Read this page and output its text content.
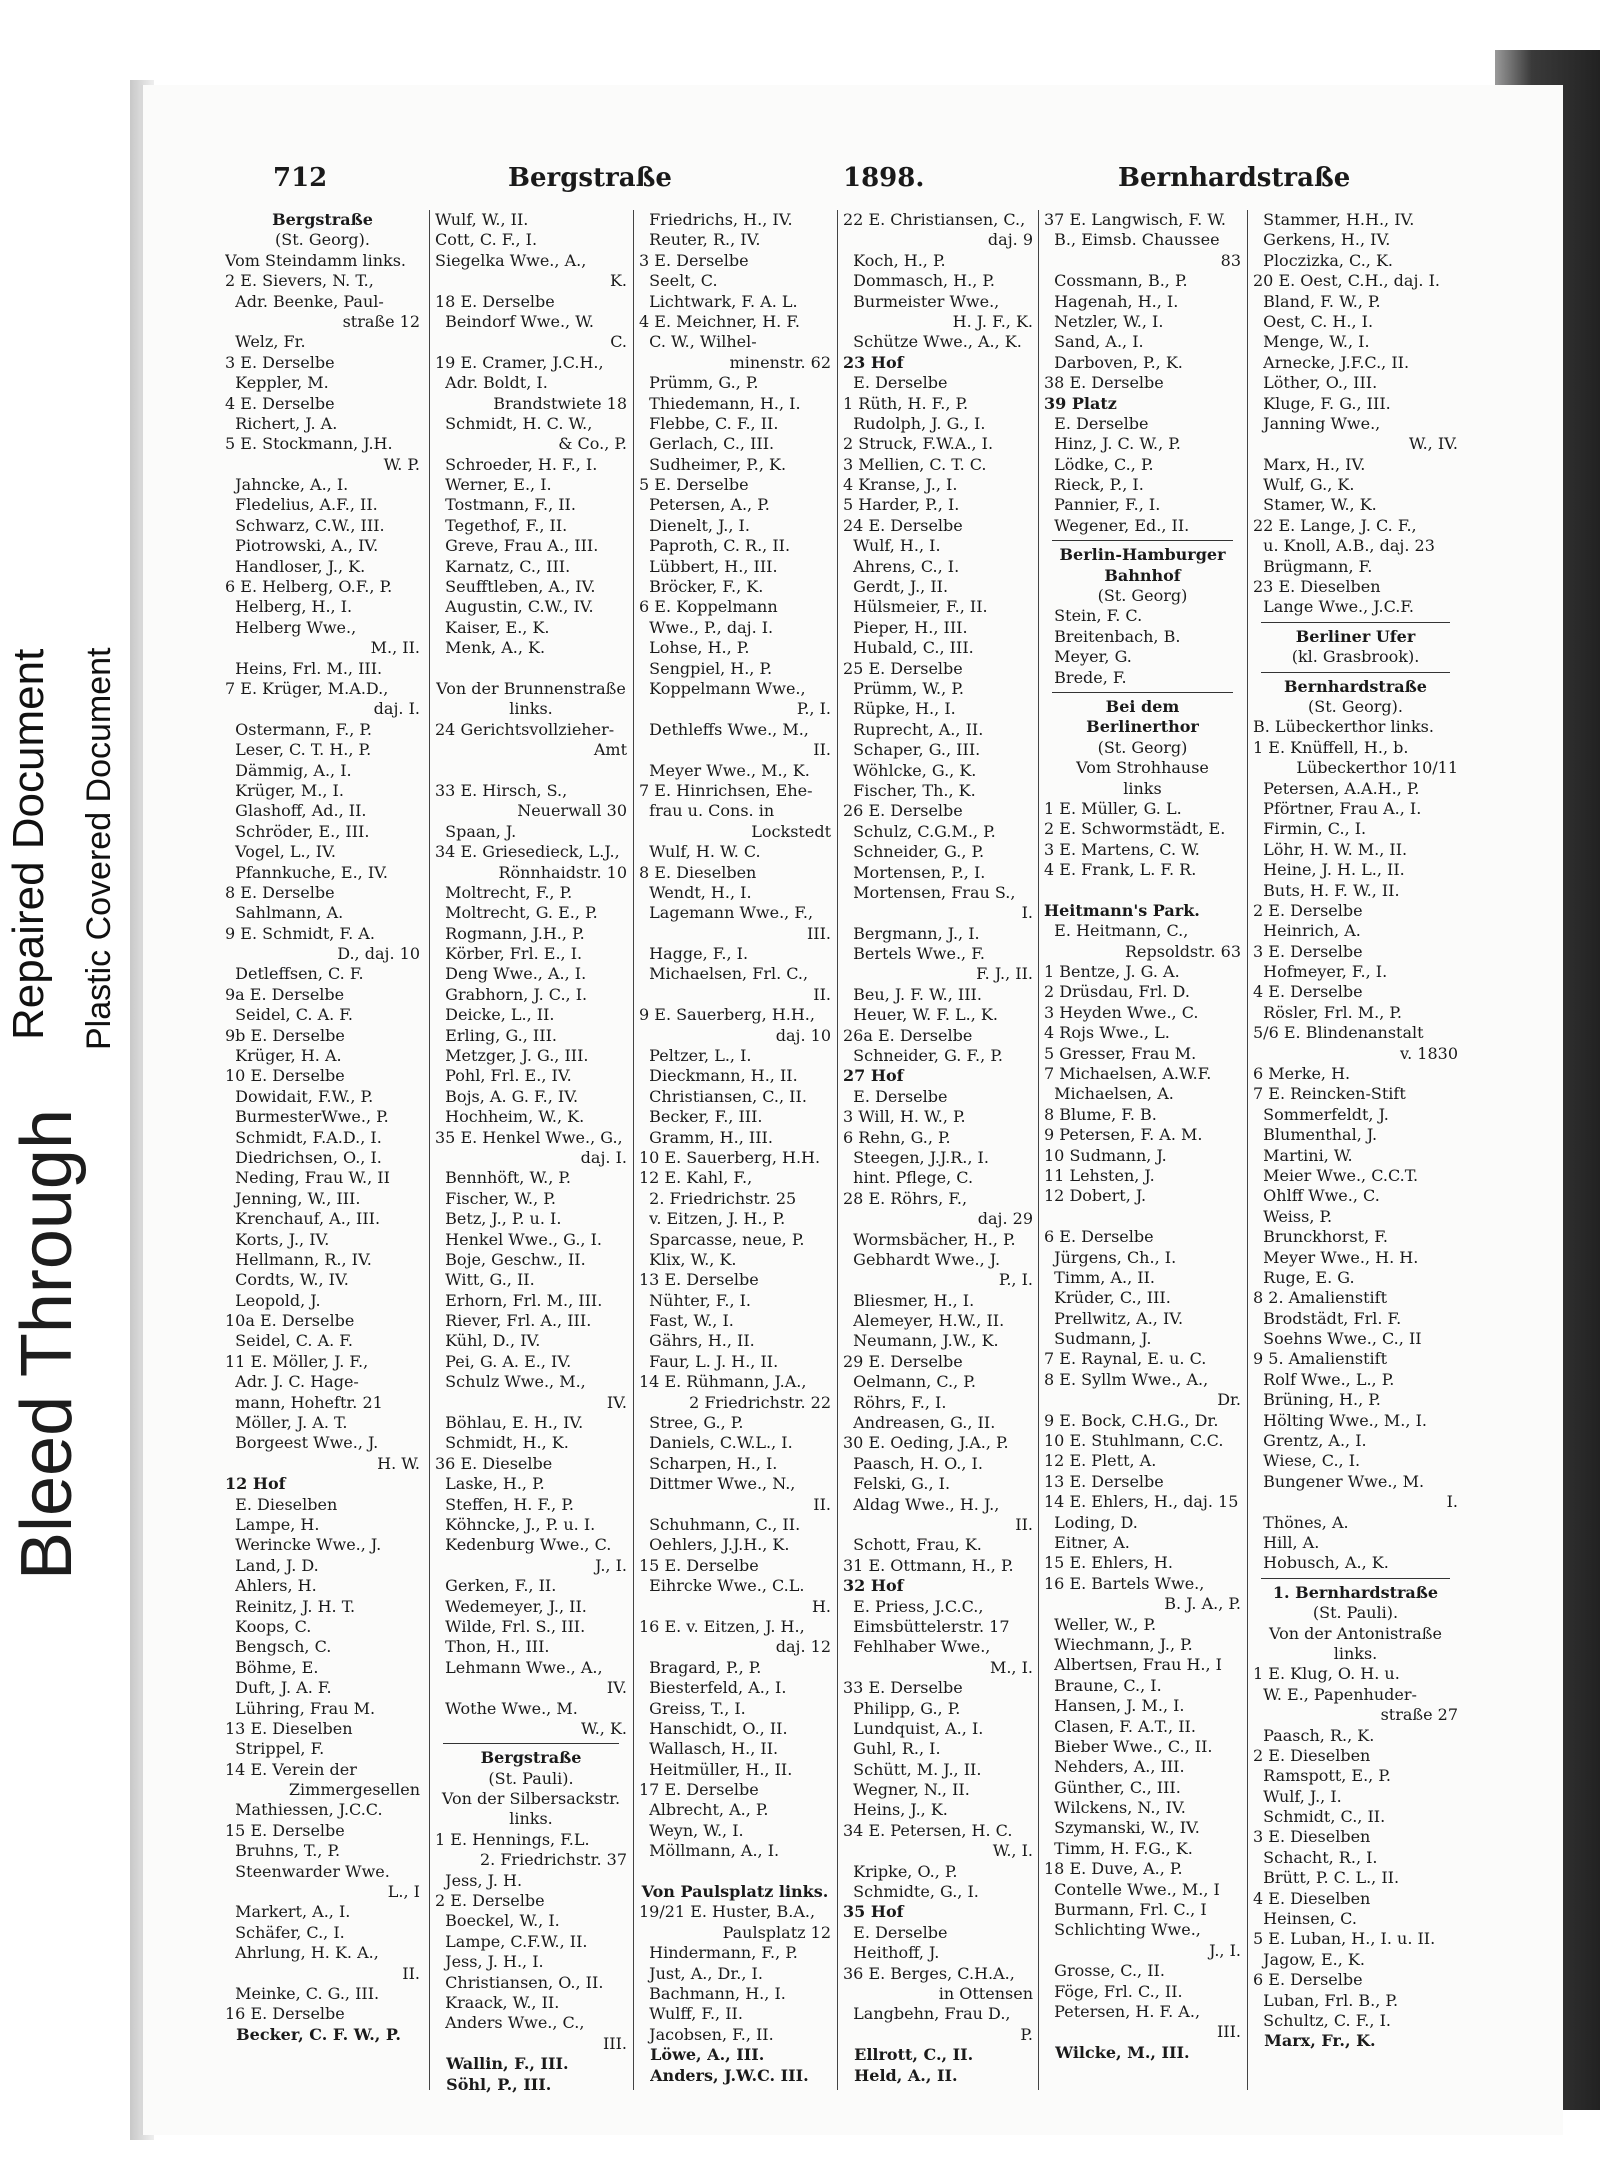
Bleed Through
Repaired Document Plastic Covered Document
712	Bergstraße	1898.	Bernhardstraße
Bergstraße
(St. Georg).
Vom Steindamm links.
2 E. Sievers, N. T.,
Adr. Beenke, Paul-
straße 12
Welz, Fr.
3 E. Derselbe
Keppler, M.
4 E. Derselbe
Richert, J. A.
5 E. Stockmann, J.H.
W. P.
Jahncke, A., I.
Fledelius, A.F., II.
Schwarz, C.W., III.
Piotrowski, A., IV.
Handloser, J., K.
6 E. Helberg, O.F., P.
Helberg, H., I.
Helberg Wwe.,
M., II.
Heins, Frl. M., III.
7 E. Krüger, M.A.D.,
daj. I.
Ostermann, F., P.
Leser, C. T. H., P.
Dämmig, A., I.
Krüger, M., I.
Glashoff, Ad., II.
Schröder, E., III.
Vogel, L., IV.
Pfannkuche, E., IV.
8 E. Derselbe
Sahlmann, A.
9 E. Schmidt, F. A.
D., daj. 10
Detleffsen, C. F.
9a E. Derselbe
Seidel, C. A. F.
9b E. Derselbe
Krüger, H. A.
10 E. Derselbe
Dowidait, F.W., P.
BurmesterWwe., P.
Schmidt, F.A.D., I.
Diedrichsen, O., I.
Neding, Frau W., II
Jenning, W., III.
Krenchauf, A., III.
Korts, J., IV.
Hellmann, R., IV.
Cordts, W., IV.
Leopold, J.
10a E. Derselbe
Seidel, C. A. F.
11 E. Möller, J. F.,
Adr. J. C. Hage-
mann, Hoheftr. 21
Möller, J. A. T.
Borgeest Wwe., J.
H. W.
12 Hof
E. Dieselben
Lampe, H.
Werincke Wwe., J.
Land, J. D.
Ahlers, H.
Reinitz, J. H. T.
Koops, C.
Bengsch, C.
Böhme, E.
Duft, J. A. F.
Lühring, Frau M.
13 E. Dieselben
Strippel, F.
14 E. Verein der
Zimmergesellen
Mathiessen, J.C.C.
15 E. Derselbe
Bruhns, T., P.
Steenwarder Wwe.
L., I
Markert, A., I.
Schäfer, C., I.
Ahrlung, H. K. A.,
II.
Meinke, C. G., III.
16 E. Derselbe
Becker, C. F. W., P.
Wulf, W., II.
Cott, C. F., I.
Siegelka Wwe., A.,
K.
18 E. Derselbe
Beindorf Wwe., W.
C.
19 E. Cramer, J.C.H.,
Adr. Boldt, I.
Brandstwiete 18
Schmidt, H. C. W.,
& Co., P.
Schroeder, H. F., I.
Werner, E., I.
Tostmann, F., II.
Tegethof, F., II.
Greve, Frau A., III.
Karnatz, C., III.
Seufftleben, A., IV.
Augustin, C.W., IV.
Kaiser, E., K.
Menk, A., K.

Von der Brunnenstraße
links.
24 Gerichtsvollzieher-
Amt

33 E. Hirsch, S.,
Neuerwall 30
Spaan, J.
34 E. Griesedieck, L.J.,
Rönnhaidstr. 10
Moltrecht, F., P.
Moltrecht, G. E., P.
Rogmann, J.H., P.
Körber, Frl. E., I.
Deng Wwe., A., I.
Grabhorn, J. C., I.
Deicke, L., II.
Erling, G., III.
Metzger, J. G., III.
Pohl, Frl. E., IV.
Bojs, A. G. F., IV.
Hochheim, W., K.
35 E. Henkel Wwe., G.,
daj. I.
Bennhöft, W., P.
Fischer, W., P.
Betz, J., P. u. I.
Henkel Wwe., G., I.
Boje, Geschw., II.
Witt, G., II.
Erhorn, Frl. M., III.
Riever, Frl. A., III.
Kühl, D., IV.
Pei, G. A. E., IV.
Schulz Wwe., M.,
IV.
Böhlau, E. H., IV.
Schmidt, H., K.
36 E. Dieselbe
Laske, H., P.
Steffen, H. F., P.
Köhncke, J., P. u. I.
Kedenburg Wwe., C.
J., I.
Gerken, F., II.
Wedemeyer, J., II.
Wilde, Frl. S., III.
Thon, H., III.
Lehmann Wwe., A.,
IV.
Wothe Wwe., M.
W., K.
Bergstraße
(St. Pauli).
Von der Silbersackstr.
links.
1 E. Hennings, F.L.
2. Friedrichstr. 37
Jess, J. H.
2 E. Derselbe
Boeckel, W., I.
Lampe, C.F.W., II.
Jess, J. H., I.
Christiansen, O., II.
Kraack, W., II.
Anders Wwe., C.,
III.
Wallin, F., III.
Söhl, P., III.
Friedrichs, H., IV.
Reuter, R., IV.
3 E. Derselbe
Seelt, C.
Lichtwark, F. A. L.
4 E. Meichner, H. F.
C. W., Wilhel-
minenstr. 62
Prümm, G., P.
Thiedemann, H., I.
Flebbe, C. F., II.
Gerlach, C., III.
Sudheimer, P., K.
5 E. Derselbe
Petersen, A., P.
Dienelt, J., I.
Paproth, C. R., II.
Lübbert, H., III.
Bröcker, F., K.
6 E. Koppelmann
Wwe., P., daj. I.
Lohse, H., P.
Sengpiel, H., P.
Koppelmann Wwe.,
P., I.
Dethleffs Wwe., M.,
II.
Meyer Wwe., M., K.
7 E. Hinrichsen, Ehe-
frau u. Cons. in
Lockstedt
Wulf, H. W. C.
8 E. Dieselben
Wendt, H., I.
Lagemann Wwe., F.,
III.
Hagge, F., I.
Michaelsen, Frl. C.,
II.
9 E. Sauerberg, H.H.,
daj. 10
Peltzer, L., I.
Dieckmann, H., II.
Christiansen, C., II.
Becker, F., III.
Gramm, H., III.
10 E. Sauerberg, H.H.
12 E. Kahl, F.,
2. Friedrichstr. 25
v. Eitzen, J. H., P.
Sparcasse, neue, P.
Klix, W., K.
13 E. Derselbe
Nühter, F., I.
Fast, W., I.
Gährs, H., II.
Faur, L. J. H., II.
14 E. Rühmann, J.A.,
2 Friedrichstr. 22
Stree, G., P.
Daniels, C.W.L., I.
Scharpen, H., I.
Dittmer Wwe., N.,
II.
Schuhmann, C., II.
Oehlers, J.J.H., K.
15 E. Derselbe
Eihrcke Wwe., C.L.
H.
16 E. v. Eitzen, J. H.,
daj. 12
Bragard, P., P.
Biesterfeld, A., I.
Greiss, T., I.
Hanschidt, O., II.
Wallasch, H., II.
Heitmüller, H., II.
17 E. Derselbe
Albrecht, A., P.
Weyn, W., I.
Möllmann, A., I.

Von Paulsplatz links.
19/21 E. Huster, B.A.,
Paulsplatz 12
Hindermann, F., P.
Just, A., Dr., I.
Bachmann, H., I.
Wulff, F., II.
Jacobsen, F., II.
Löwe, A., III.
Anders, J.W.C. III.
22 E. Christiansen, C.,
daj. 9
Koch, H., P.
Dommasch, H., P.
Burmeister Wwe.,
H. J. F., K.
Schütze Wwe., A., K.
23 Hof
E. Derselbe
1 Rüth, H. F., P.
Rudolph, J. G., I.
2 Struck, F.W.A., I.
3 Mellien, C. T. C.
4 Kranse, J., I.
5 Harder, P., I.
24 E. Derselbe
Wulf, H., I.
Ahrens, C., I.
Gerdt, J., II.
Hülsmeier, F., II.
Pieper, H., III.
Hubald, C., III.
25 E. Derselbe
Prümm, W., P.
Rüpke, H., I.
Ruprecht, A., II.
Schaper, G., III.
Wöhlcke, G., K.
Fischer, Th., K.
26 E. Derselbe
Schulz, C.G.M., P.
Schneider, G., P.
Mortensen, P., I.
Mortensen, Frau S.,
I.
Bergmann, J., I.
Bertels Wwe., F.
F. J., II.
Beu, J. F. W., III.
Heuer, W. F. L., K.
26a E. Derselbe
Schneider, G. F., P.
27 Hof
E. Derselbe
3 Will, H. W., P.
6 Rehn, G., P.
Steegen, J.J.R., I.
hint. Pflege, C.
28 E. Röhrs, F.,
daj. 29
Wormsbächer, H., P.
Gebhardt Wwe., J.
P., I.
Bliesmer, H., I.
Alemeyer, H.W., II.
Neumann, J.W., K.
29 E. Derselbe
Oelmann, C., P.
Röhrs, F., I.
Andreasen, G., II.
30 E. Oeding, J.A., P.
Paasch, H. O., I.
Felski, G., I.
Aldag Wwe., H. J.,
II.
Schott, Frau, K.
31 E. Ottmann, H., P.
32 Hof
E. Priess, J.C.C.,
Eimsbüttelerstr. 17
Fehlhaber Wwe.,
M., I.
33 E. Derselbe
Philipp, G., P.
Lundquist, A., I.
Guhl, R., I.
Schütt, M. J., II.
Wegner, N., II.
Heins, J., K.
34 E. Petersen, H. C.
W., I.
Kripke, O., P.
Schmidte, G., I.
35 Hof
E. Derselbe
Heithoff, J.
36 E. Berges, C.H.A.,
in Ottensen
Langbehn, Frau D.,
P.
Ellrott, C., II.
Held, A., II.
37 E. Langwisch, F. W.
B., Eimsb. Chaussee
83
Cossmann, B., P.
Hagenah, H., I.
Netzler, W., I.
Sand, A., I.
Darboven, P., K.
38 E. Derselbe
39 Platz
E. Derselbe
Hinz, J. C. W., P.
Lödke, C., P.
Rieck, P., I.
Pannier, F., I.
Wegener, Ed., II.
Berlin-Hamburger
Bahnhof
(St. Georg)
Stein, F. C.
Breitenbach, B.
Meyer, G.
Brede, F.
Bei dem
Berlinerthor
(St. Georg)
Vom Strohhause
links
1 E. Müller, G. L.
2 E. Schwormstädt, E.
3 E. Martens, C. W.
4 E. Frank, L. F. R.

Heitmann's Park.
E. Heitmann, C.,
Repsoldstr. 63
1 Bentze, J. G. A.
2 Drüsdau, Frl. D.
3 Heyden Wwe., C.
4 Rojs Wwe., L.
5 Gresser, Frau M.
7 Michaelsen, A.W.F.
Michaelsen, A.
8 Blume, F. B.
9 Petersen, F. A. M.
10 Sudmann, J.
11 Lehsten, J.
12 Dobert, J.

6 E. Derselbe
Jürgens, Ch., I.
Timm, A., II.
Krüder, C., III.
Prellwitz, A., IV.
Sudmann, J.
7 E. Raynal, E. u. C.
8 E. Syllm Wwe., A.,
Dr.
9 E. Bock, C.H.G., Dr.
10 E. Stuhlmann, C.C.
12 E. Plett, A.
13 E. Derselbe
14 E. Ehlers, H., daj. 15
Loding, D.
Eitner, A.
15 E. Ehlers, H.
16 E. Bartels Wwe.,
B. J. A., P.
Weller, W., P.
Wiechmann, J., P.
Albertsen, Frau H., I
Braune, C., I.
Hansen, J. M., I.
Clasen, F. A.T., II.
Bieber Wwe., C., II.
Nehders, A., III.
Günther, C., III.
Wilckens, N., IV.
Szymanski, W., IV.
Timm, H. F.G., K.
18 E. Duve, A., P.
Contelle Wwe., M., I
Burmann, Frl. C., I
Schlichting Wwe.,
J., I.
Grosse, C., II.
Föge, Frl. C., II.
Petersen, H. F. A.,
III.
Wilcke, M., III.
Stammer, H.H., IV.
Gerkens, H., IV.
Ploczizka, C., K.
20 E. Oest, C.H., daj. I.
Bland, F. W., P.
Oest, C. H., I.
Menge, W., I.
Arnecke, J.F.C., II.
Löther, O., III.
Kluge, F. G., III.
Janning Wwe.,
W., IV.
Marx, H., IV.
Wulf, G., K.
Stamer, W., K.
22 E. Lange, J. C. F.,
u. Knoll, A.B., daj. 23
Brügmann, F.
23 E. Dieselben
Lange Wwe., J.C.F.
Berliner Ufer
(kl. Grasbrook).
Bernhardstraße
(St. Georg).
B. Lübeckerthor links.
1 E. Knüffell, H., b.
Lübeckerthor 10/11
Petersen, A.A.H., P.
Pförtner, Frau A., I.
Firmin, C., I.
Löhr, H. W. M., II.
Heine, J. H. L., II.
Buts, H. F. W., II.
2 E. Derselbe
Heinrich, A.
3 E. Derselbe
Hofmeyer, F., I.
4 E. Derselbe
Rösler, Frl. M., P.
5/6 E. Blindenanstalt
v. 1830
6 Merke, H.
7 E. Reincken-Stift
Sommerfeldt, J.
Blumenthal, J.
Martini, W.
Meier Wwe., C.C.T.
Ohlff Wwe., C.
Weiss, P.
Brunckhorst, F.
Meyer Wwe., H. H.
Ruge, E. G.
8 2. Amalienstift
Brodstädt, Frl. F.
Soehns Wwe., C., II
9 5. Amalienstift
Rolf Wwe., L., P.
Brüning, H., P.
Hölting Wwe., M., I.
Grentz, A., I.
Wiese, C., I.
Bungener Wwe., M.
I.
Thönes, A.
Hill, A.
Hobusch, A., K.
1. Bernhardstraße
(St. Pauli).
Von der Antonistraße
links.
1 E. Klug, O. H. u.
W. E., Papenhuder-
straße 27
Paasch, R., K.
2 E. Dieselben
Ramspott, E., P.
Wulf, J., I.
Schmidt, C., II.
3 E. Dieselben
Schacht, R., I.
Brütt, P. C. L., II.
4 E. Dieselben
Heinsen, C.
5 E. Luban, H., I. u. II.
Jagow, E., K.
6 E. Derselbe
Luban, Frl. B., P.
Schultz, C. F., I.
Marx, Fr., K.
